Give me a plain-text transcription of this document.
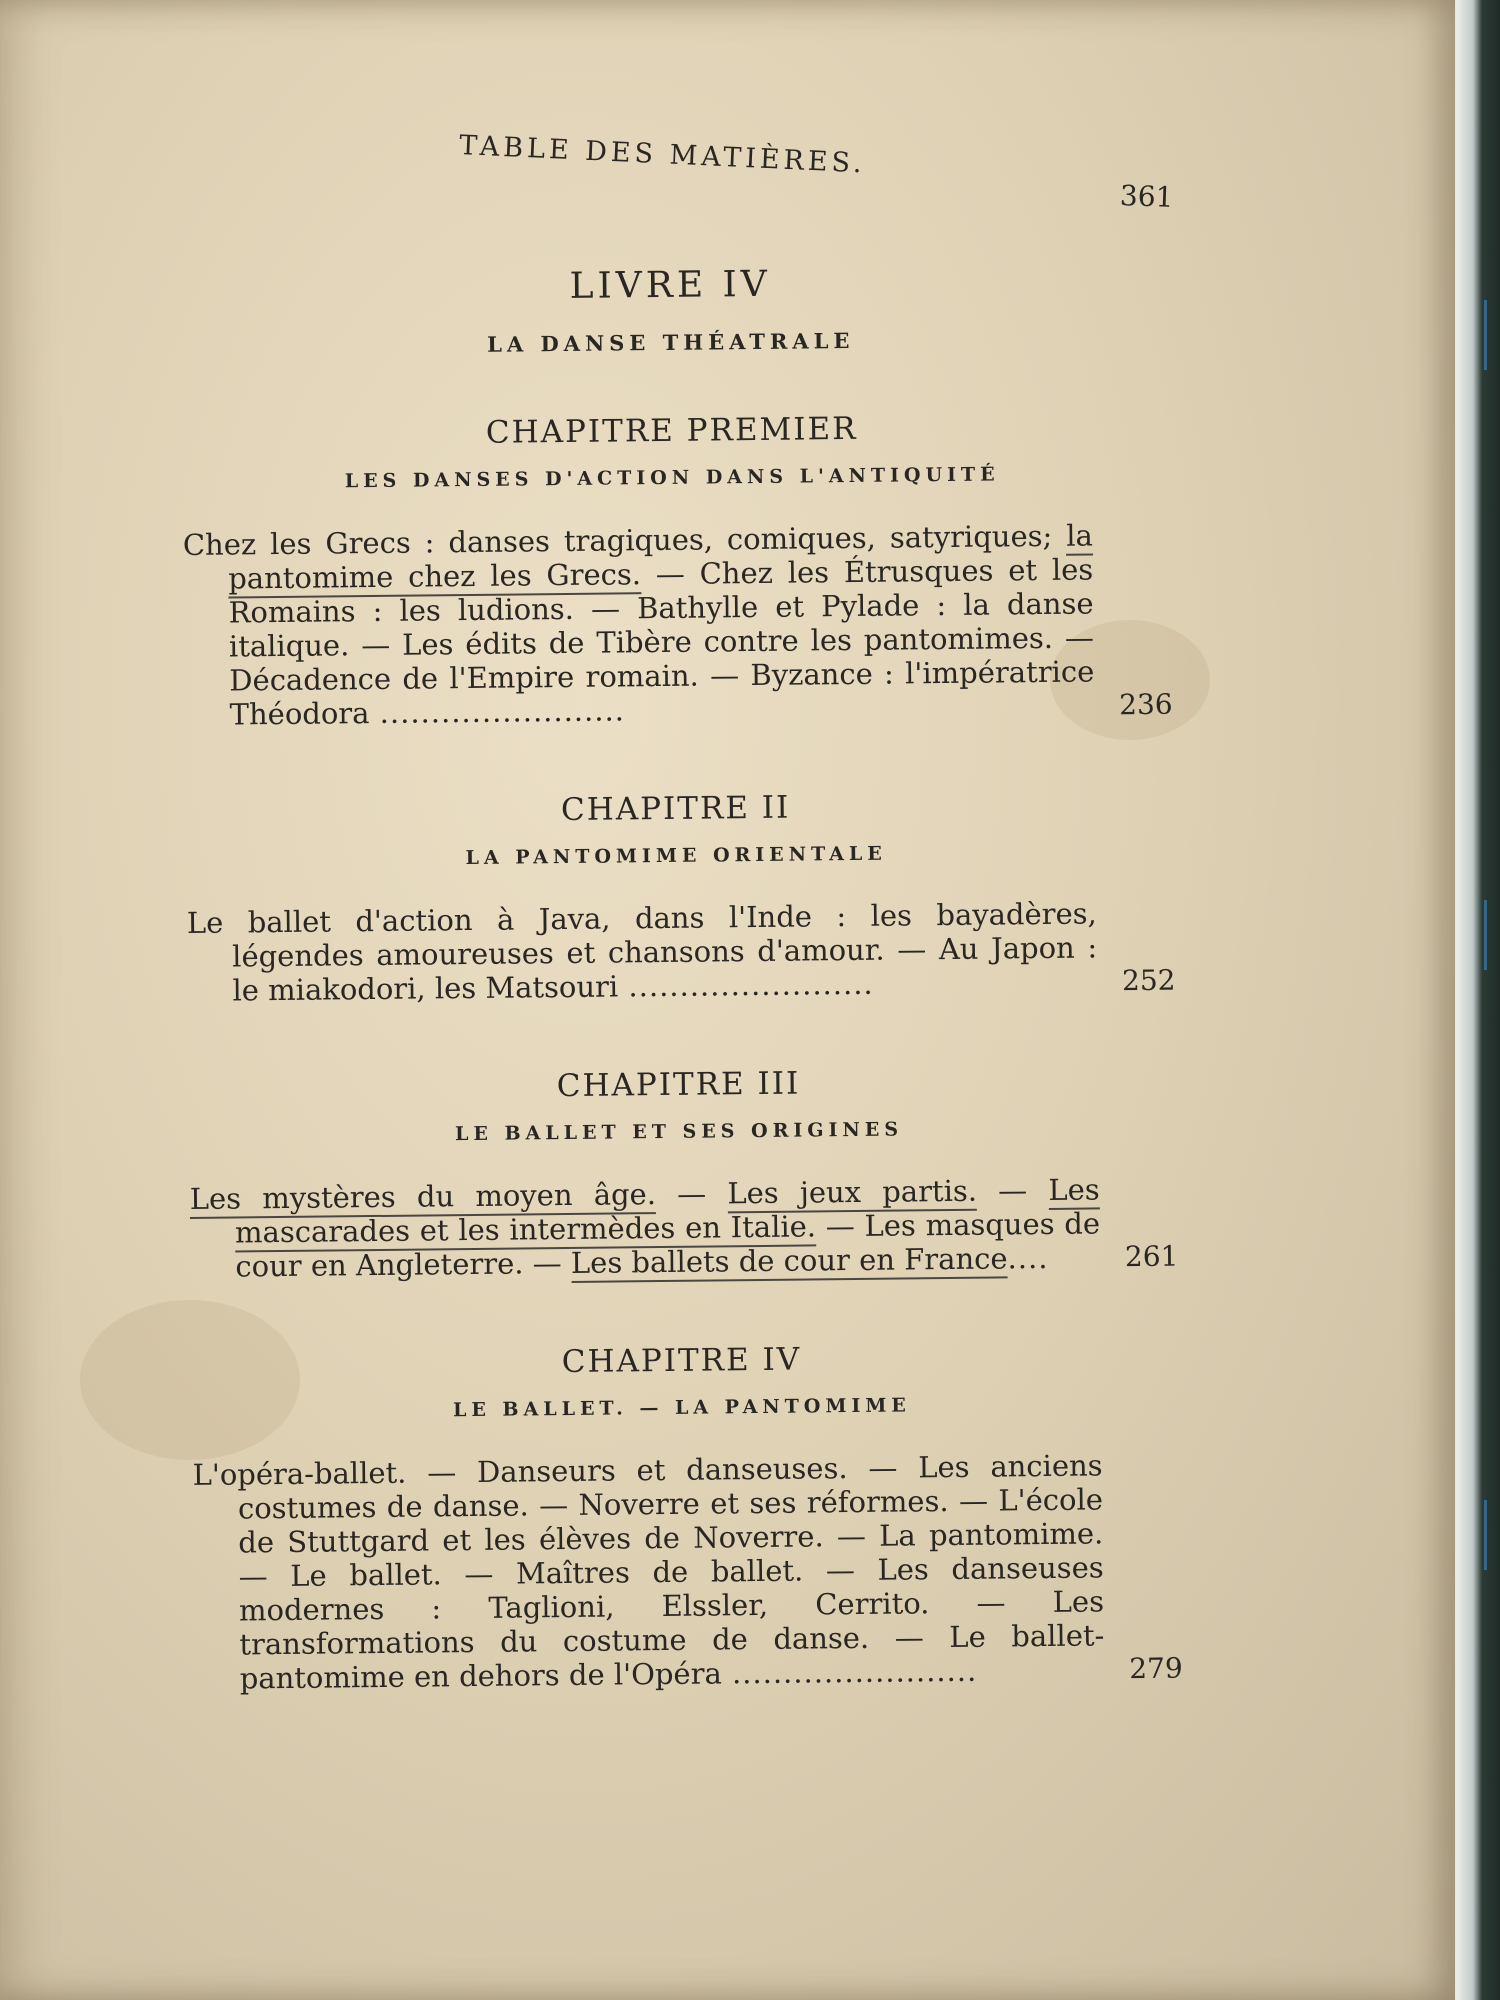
TABLE DES MATIÈRES.
361
LIVRE IV
LA DANSE THÉATRALE
CHAPITRE PREMIER
LES DANSES D'ACTION DANS L'ANTIQUITÉ
Chez les Grecs : danses tragiques, comiques, satyriques; la pantomime chez les Grecs. — Chez les Étrusques et les Romains : les ludions. — Bathylle et Pylade : la danse italique. — Les édits de Tibère contre les pantomimes. — Décadence de l'Empire romain. — Byzance : l'impératrice Théodora ........................	236
CHAPITRE II
LA PANTOMIME ORIENTALE
Le ballet d'action à Java, dans l'Inde : les bayadères, légendes amoureuses et chansons d'amour. — Au Japon : le miakodori, les Matsouri ........................	252
CHAPITRE III
LE BALLET ET SES ORIGINES
Les mystères du moyen âge. — Les jeux partis. — Les mascarades et les intermèdes en Italie. — Les masques de cour en Angleterre. — Les ballets de cour en France....	261
CHAPITRE IV
LE BALLET. — LA PANTOMIME
L'opéra-ballet. — Danseurs et danseuses. — Les anciens costumes de danse. — Noverre et ses réformes. — L'école de Stuttgard et les élèves de Noverre. — La pantomime. — Le ballet. — Maîtres de ballet. — Les danseuses modernes : Taglioni, Elssler, Cerrito. — Les transformations du costume de danse. — Le ballet-pantomime en dehors de l'Opéra ........................	279
